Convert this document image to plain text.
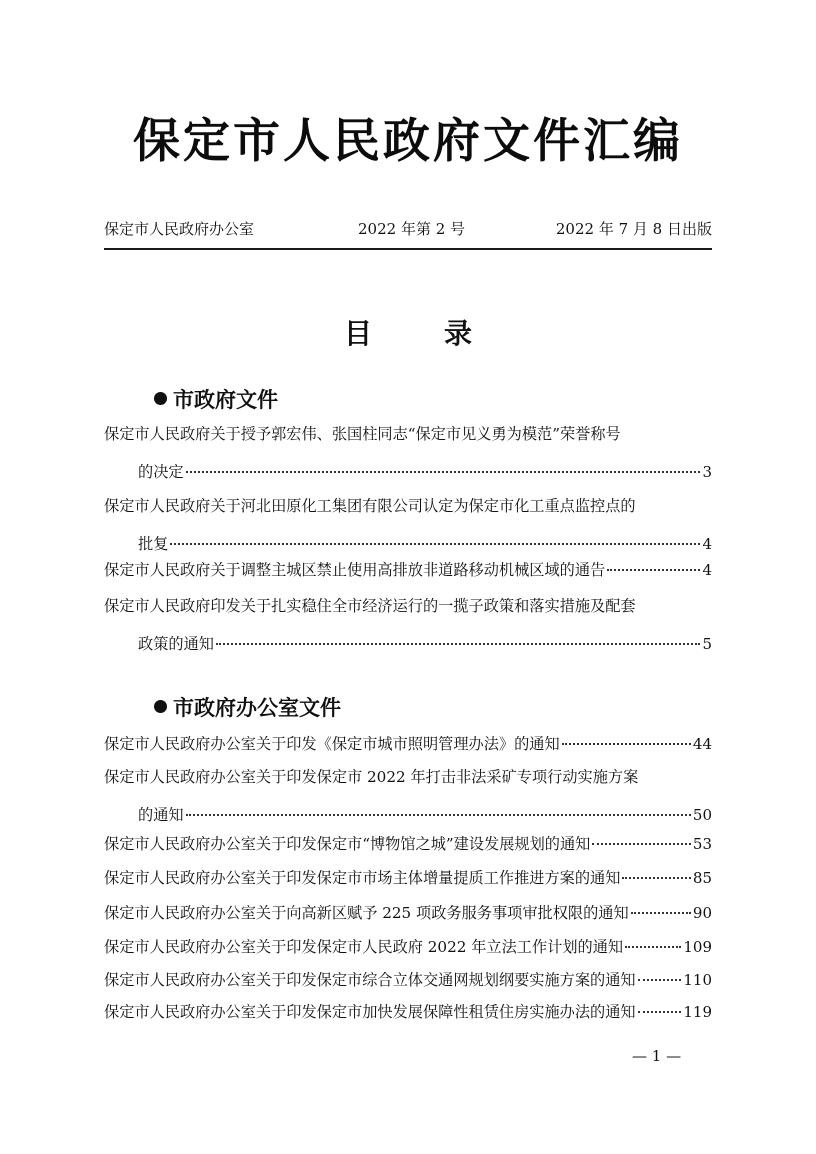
保定市人民政府文件汇编
保定市人民政府办公室	2022 年第 2 号	2022 年 7 月 8 日出版
目	录
市政府文件
保定市人民政府关于授予郭宏伟、张国柱同志“保定市见义勇为模范”荣誉称号
的决定	3
保定市人民政府关于河北田原化工集团有限公司认定为保定市化工重点监控点的
批复	4
保定市人民政府关于调整主城区禁止使用高排放非道路移动机械区域的通告	4
保定市人民政府印发关于扎实稳住全市经济运行的一揽子政策和落实措施及配套
政策的通知	5
市政府办公室文件
保定市人民政府办公室关于印发《保定市城市照明管理办法》的通知	44
保定市人民政府办公室关于印发保定市 2022 年打击非法采矿专项行动实施方案
的通知	50
保定市人民政府办公室关于印发保定市“博物馆之城”建设发展规划的通知	53
保定市人民政府办公室关于印发保定市市场主体增量提质工作推进方案的通知	85
保定市人民政府办公室关于向高新区赋予 225 项政务服务事项审批权限的通知	90
保定市人民政府办公室关于印发保定市人民政府 2022 年立法工作计划的通知	109
保定市人民政府办公室关于印发保定市综合立体交通网规划纲要实施方案的通知	110
保定市人民政府办公室关于印发保定市加快发展保障性租赁住房实施办法的通知	119
— 1 —
